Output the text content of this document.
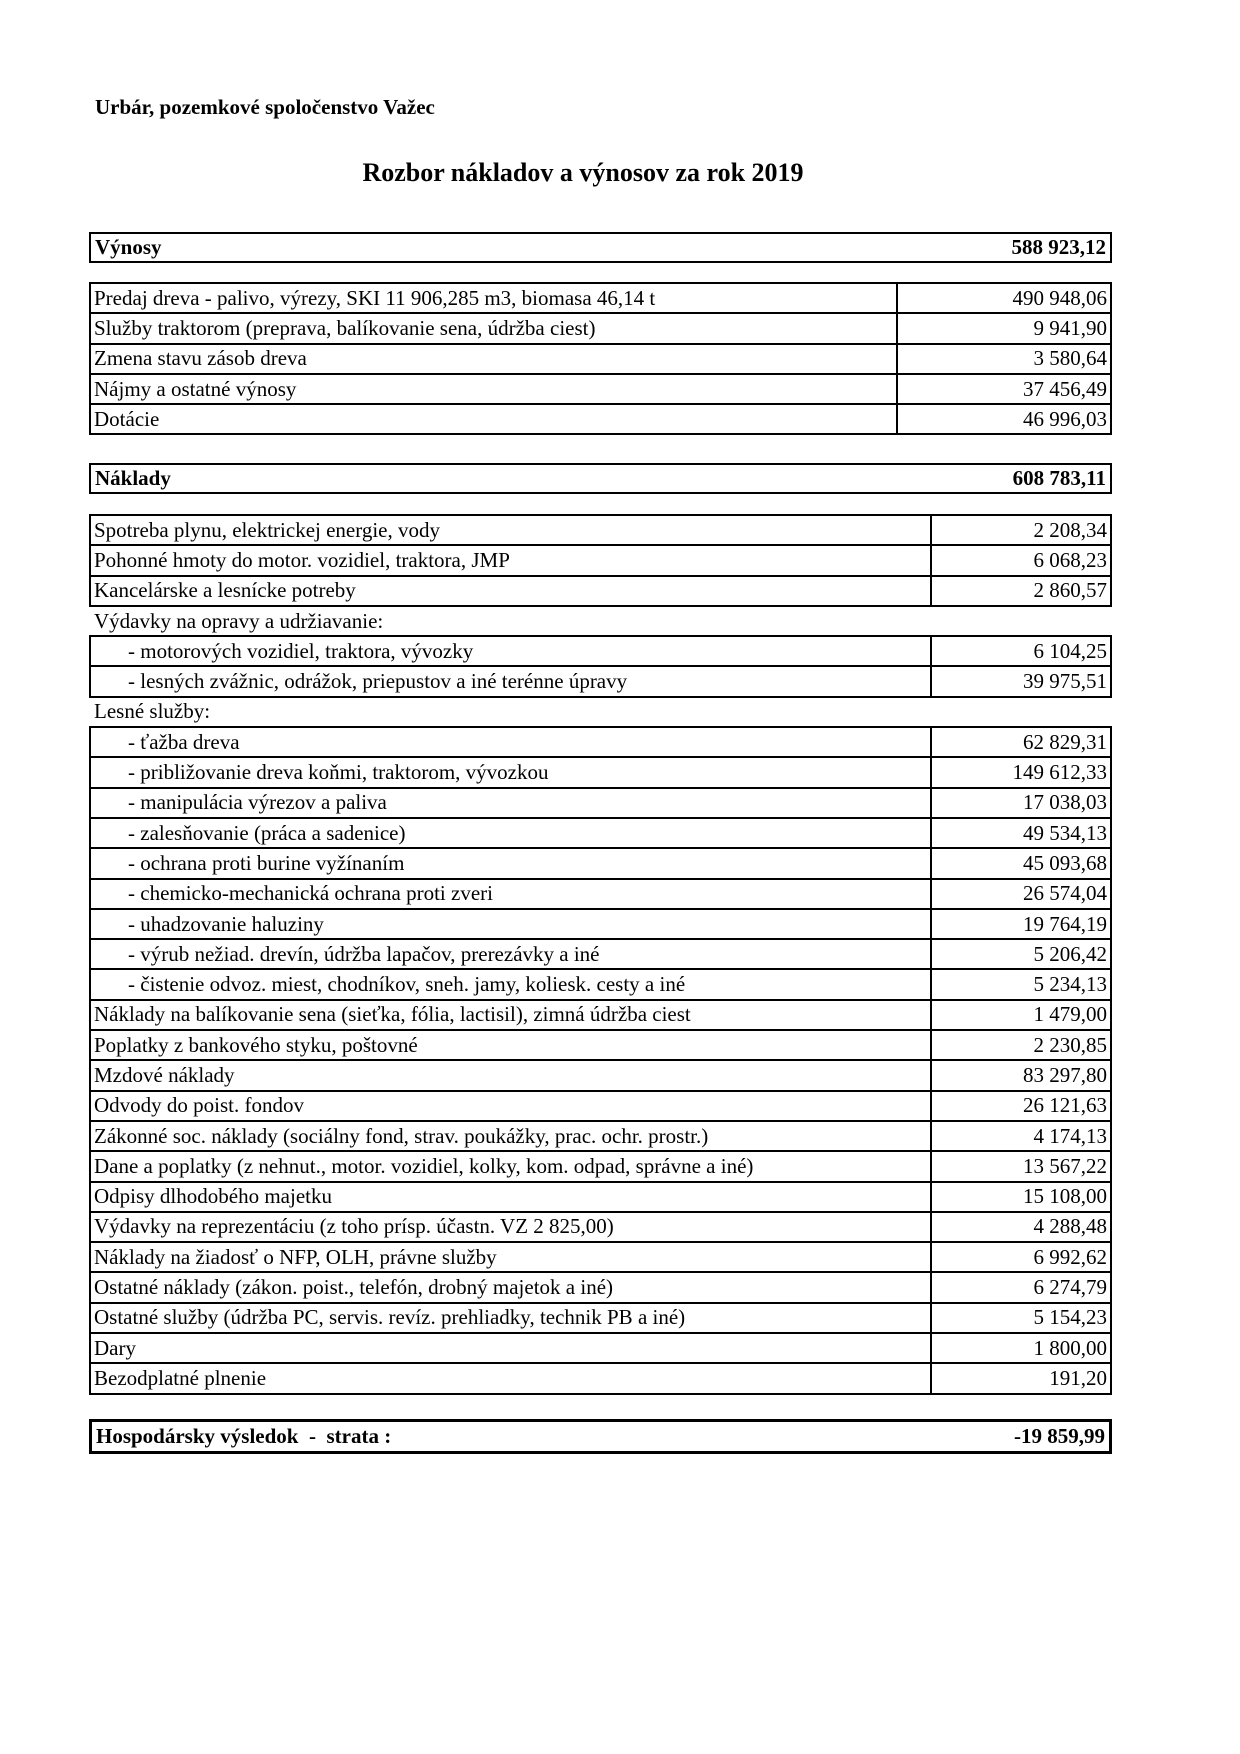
Urbár, pozemkové spoločenstvo Važec
Rozbor nákladov a výnosov za rok 2019
Výnosy	588 923,12
Predaj dreva - palivo, výrezy, SKI 11 906,285 m3, biomasa 46,14 t	490 948,06
Služby traktorom (preprava, balíkovanie sena, údržba ciest)	9 941,90
Zmena stavu zásob dreva	3 580,64
Nájmy a ostatné výnosy	37 456,49
Dotácie	46 996,03
Náklady	608 783,11
Spotreba plynu, elektrickej energie, vody	2 208,34
Pohonné hmoty do motor. vozidiel, traktora, JMP	6 068,23
Kancelárske a lesnícke potreby	2 860,57
Výdavky na opravy a udržiavanie:	
- motorových vozidiel, traktora, vývozky	6 104,25
- lesných zvážnic, odrážok, priepustov a iné terénne úpravy	39 975,51
Lesné služby:	
- ťažba dreva	62 829,31
- približovanie dreva koňmi, traktorom, vývozkou	149 612,33
- manipulácia výrezov a paliva	17 038,03
- zalesňovanie (práca a sadenice)	49 534,13
- ochrana proti burine vyžínaním	45 093,68
- chemicko-mechanická ochrana proti zveri	26 574,04
- uhadzovanie haluziny	19 764,19
- výrub nežiad. drevín, údržba lapačov, prerezávky a iné	5 206,42
- čistenie odvoz. miest, chodníkov, sneh. jamy, koliesk. cesty a iné	5 234,13
Náklady na balíkovanie sena (sieťka, fólia, lactisil), zimná údržba ciest	1 479,00
Poplatky z bankového styku, poštovné	2 230,85
Mzdové náklady	83 297,80
Odvody do poist. fondov	26 121,63
Zákonné soc. náklady (sociálny fond, strav. poukážky, prac. ochr. prostr.)	4 174,13
Dane a poplatky (z nehnut., motor. vozidiel, kolky, kom. odpad, správne a iné)	13 567,22
Odpisy dlhodobého majetku	15 108,00
Výdavky na reprezentáciu (z toho prísp. účastn. VZ 2 825,00)	4 288,48
Náklady na žiadosť o NFP, OLH, právne služby	6 992,62
Ostatné náklady (zákon. poist., telefón, drobný majetok a iné)	6 274,79
Ostatné služby (údržba PC, servis. revíz. prehliadky, technik PB a iné)	5 154,23
Dary	1 800,00
Bezodplatné plnenie	191,20
Hospodársky výsledok  -  strata :	-19 859,99
